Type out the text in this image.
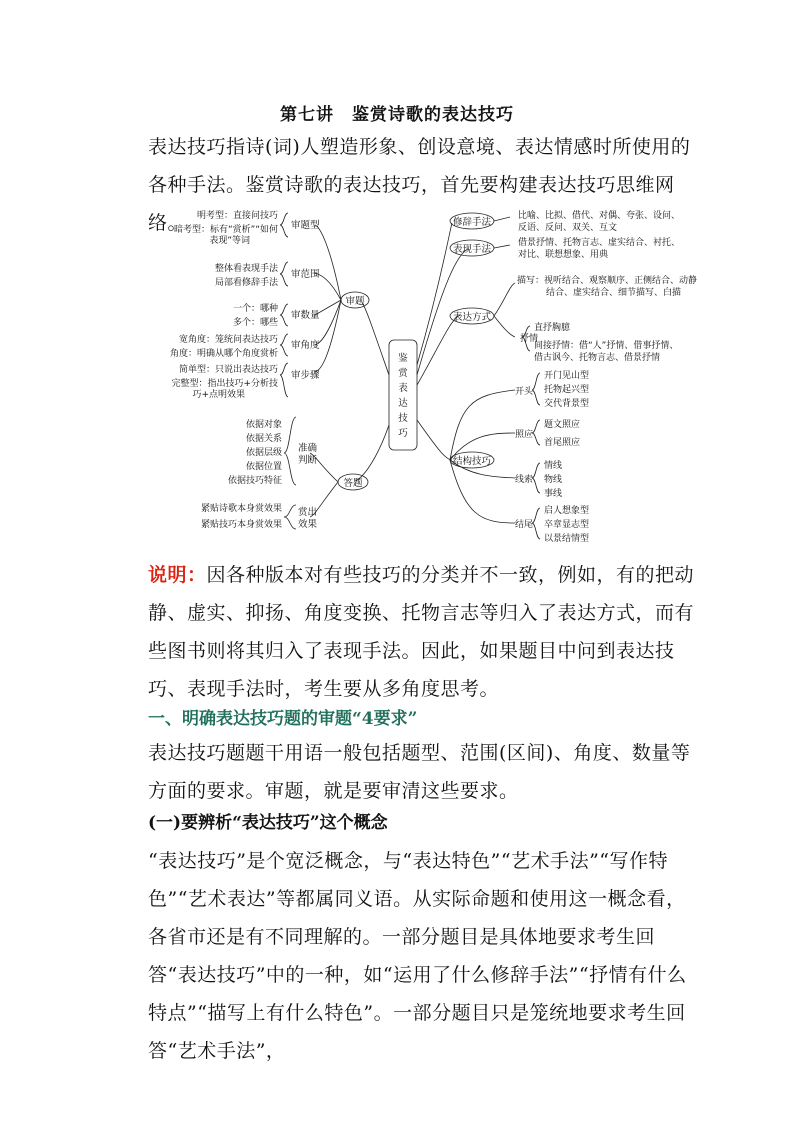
第七讲　鉴赏诗歌的表达技巧
表达技巧指诗(词)人塑造形象、创设意境、表达情感时所使用的各种手法。鉴赏诗歌的表达技巧，首先要构建表达技巧思维网络。
鉴
赏
表
达
技
巧
审题
答题
修辞手法
表现手法
表达方式
结构技巧
审题型
审范围
审数量
审角度
审步骤
准确
判断
赏出
效果
明考型：直接问技巧
暗考型：标有“赏析”“如何
表现”等词
整体看表现手法
局部看修辞手法
一个：哪种
多个：哪些
宽角度：笼统问表达技巧
窄角度：明确从哪个角度赏析
简单型：只说出表达技巧
完整型：指出技巧+分析技
巧+点明效果
依据对象
依据关系
依据层级
依据位置
依据技巧特征
紧贴诗歌本身赏效果
紧贴技巧本身赏效果
比喻、比拟、借代、对偶、夸张、设问、
反语、反问、双关、互文
借景抒情、托物言志、虚实结合、衬托、
对比、联想想象、用典
描写：视听结合、观察顺序、正侧结合、动静
结合、虚实结合、细节描写、白描
抒情
直抒胸臆
间接抒情：借“人”抒情、借事抒情、
借古讽今、托物言志、借景抒情
开头
开门见山型
托物起兴型
交代背景型
照应
题文照应
首尾照应
线索
情线
物线
事线
结尾
启人想象型
卒章显志型
以景结情型
说明：因各种版本对有些技巧的分类并不一致，例如，有的把动静、虚实、抑扬、角度变换、托物言志等归入了表达方式，而有些图书则将其归入了表现手法。因此，如果题目中问到表达技巧、表现手法时，考生要从多角度思考。
一、明确表达技巧题的审题“4要求”
表达技巧题题干用语一般包括题型、范围(区间)、角度、数量等方面的要求。审题，就是要审清这些要求。
(一)要辨析“表达技巧”这个概念
“表达技巧”是个宽泛概念，与“表达特色”“艺术手法”“写作特色”“艺术表达”等都属同义语。从实际命题和使用这一概念看，各省市还是有不同理解的。一部分题目是具体地要求考生回答“表达技巧”中的一种，如“运用了什么修辞手法”“抒情有什么特点”“描写上有什么特色”。一部分题目只是笼统地要求考生回答“艺术手法”，
